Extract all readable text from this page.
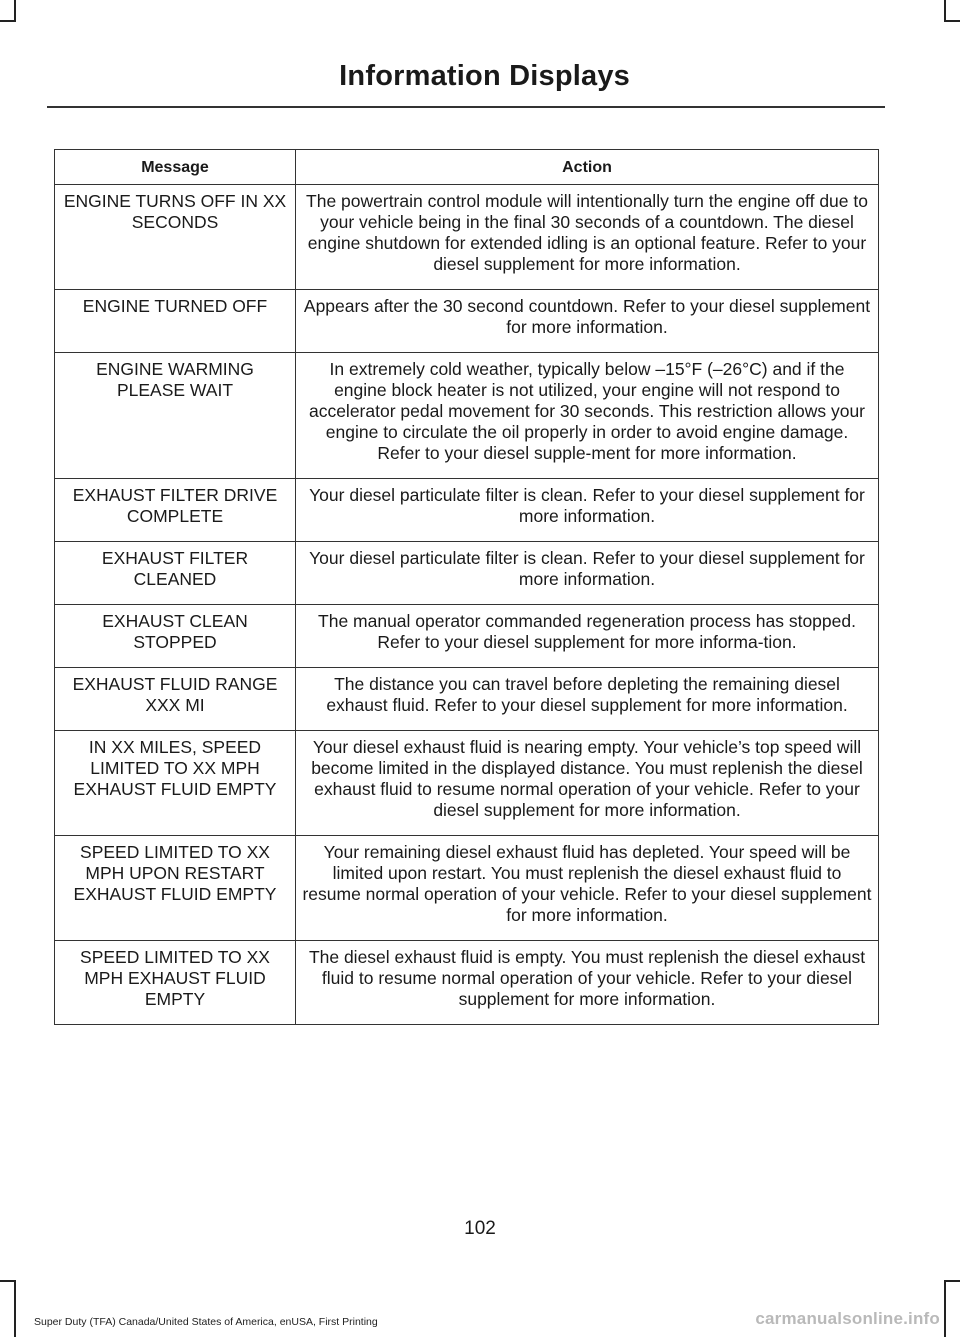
Information Displays
Message	Action
ENGINE TURNS OFF IN XX SECONDS	The powertrain control module will intentionally turn the engine off due to your vehicle being in the final 30 seconds of a countdown. The diesel engine shutdown for extended idling is an optional feature. Refer to your diesel supplement for more information.
ENGINE TURNED OFF	Appears after the 30 second countdown. Refer to your diesel supplement for more information.
ENGINE WARMING PLEASE WAIT	In extremely cold weather, typically below –15°F (–26°C) and if the engine block heater is not utilized, your engine will not respond to accelerator pedal movement for 30 seconds. This restriction allows your engine to circulate the oil properly in order to avoid engine damage. Refer to your diesel supple-ment for more information.
EXHAUST FILTER DRIVE COMPLETE	Your diesel particulate filter is clean. Refer to your diesel supplement for more information.
EXHAUST FILTER CLEANED	Your diesel particulate filter is clean. Refer to your diesel supplement for more information.
EXHAUST CLEAN STOPPED	The manual operator commanded regeneration process has stopped. Refer to your diesel supplement for more informa-tion.
EXHAUST FLUID RANGE XXX MI	The distance you can travel before depleting the remaining diesel exhaust fluid. Refer to your diesel supplement for more information.
IN XX MILES, SPEED LIMITED TO XX MPH EXHAUST FLUID EMPTY	Your diesel exhaust fluid is nearing empty. Your vehicle’s top speed will become limited in the displayed distance. You must replenish the diesel exhaust fluid to resume normal operation of your vehicle. Refer to your diesel supplement for more information.
SPEED LIMITED TO XX MPH UPON RESTART EXHAUST FLUID EMPTY	Your remaining diesel exhaust fluid has depleted. Your speed will be limited upon restart. You must replenish the diesel exhaust fluid to resume normal operation of your vehicle. Refer to your diesel supplement for more information.
SPEED LIMITED TO XX MPH EXHAUST FLUID EMPTY	The diesel exhaust fluid is empty. You must replenish the diesel exhaust fluid to resume normal operation of your vehicle. Refer to your diesel supplement for more information.
102
Super Duty (TFA) Canada/United States of America, enUSA, First Printing	carmanualsonline.info
